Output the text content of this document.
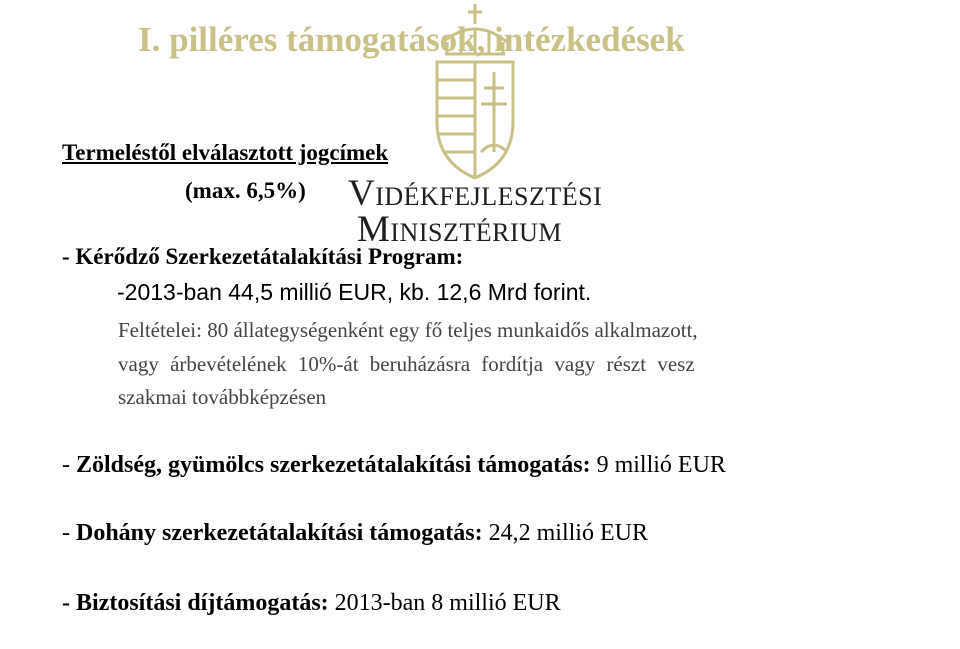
I. pilléres támogatások, intézkedések
Vidékfejlesztési
Minisztérium
Termeléstől elválasztott jogcímek
(max. 6,5%)
- Kérődző Szerkezetátalakítási Program:
-2013-ban 44,5 millió EUR, kb. 12,6 Mrd forint.
Feltételei: 80 állategységenként egy fő teljes munkaidős alkalmazott,
vagy árbevételének 10%-át beruházásra fordítja vagy részt vesz
szakmai továbbképzésen
- Zöldség, gyümölcs szerkezetátalakítási támogatás: 9 millió EUR
- Dohány szerkezetátalakítási támogatás: 24,2 millió EUR
- Biztosítási díjtámogatás: 2013-ban 8 millió EUR
